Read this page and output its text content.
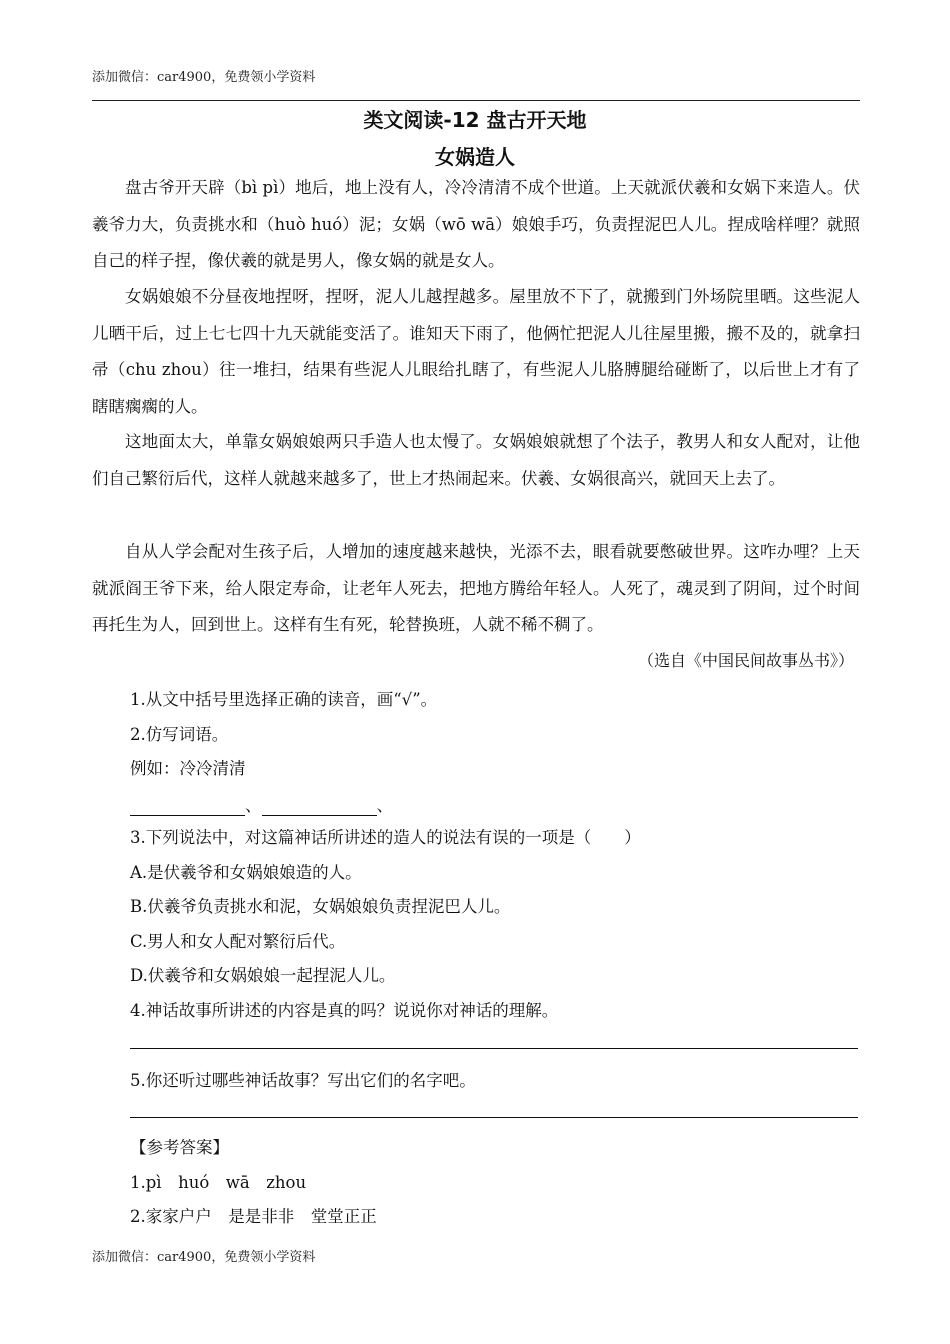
添加微信：car4900，免费领小学资料
类文阅读-12 盘古开天地
女娲造人

盘古爷开天辟（bì pì）地后，地上没有人，冷冷清清不成个世道。上天就派伏羲和女娲下来造人。伏羲爷力大，负责挑水和（huò huó）泥；女娲（wō wā）娘娘手巧，负责捏泥巴人儿。捏成啥样哩？就照自己的样子捏，像伏羲的就是男人，像女娲的就是女人。

女娲娘娘不分昼夜地捏呀，捏呀，泥人儿越捏越多。屋里放不下了，就搬到门外场院里晒。这些泥人儿晒干后，过上七七四十九天就能变活了。谁知天下雨了，他俩忙把泥人儿往屋里搬，搬不及的，就拿扫帚（chu zhou）往一堆扫，结果有些泥人儿眼给扎瞎了，有些泥人儿胳膊腿给碰断了，以后世上才有了瞎瞎瘸瘸的人。

这地面太大，单靠女娲娘娘两只手造人也太慢了。女娲娘娘就想了个法子，教男人和女人配对，让他们自己繁衍后代，这样人就越来越多了，世上才热闹起来。伏羲、女娲很高兴，就回天上去了。

自从人学会配对生孩子后，人增加的速度越来越快，光添不去，眼看就要憋破世界。这咋办哩？上天就派阎王爷下来，给人限定寿命，让老年人死去，把地方腾给年轻人。人死了，魂灵到了阴间，过个时间再托生为人，回到世上。这样有生有死，轮替换班，人就不稀不稠了。

（选自《中国民间故事丛书》）
1.从文中括号里选择正确的读音，画“√”。
2.仿写词语。
例如：冷冷清清
、	、
3.下列说法中，对这篇神话所讲述的造人的说法有误的一项是（　　）
A.是伏羲爷和女娲娘娘造的人。
B.伏羲爷负责挑水和泥，女娲娘娘负责捏泥巴人儿。
C.男人和女人配对繁衍后代。
D.伏羲爷和女娲娘娘一起捏泥人儿。
4.神话故事所讲述的内容是真的吗？说说你对神话的理解。
5.你还听过哪些神话故事？写出它们的名字吧。
【参考答案】
1.pì　huó　wā　zhou
2.家家户户　是是非非　堂堂正正
添加微信：car4900，免费领小学资料
